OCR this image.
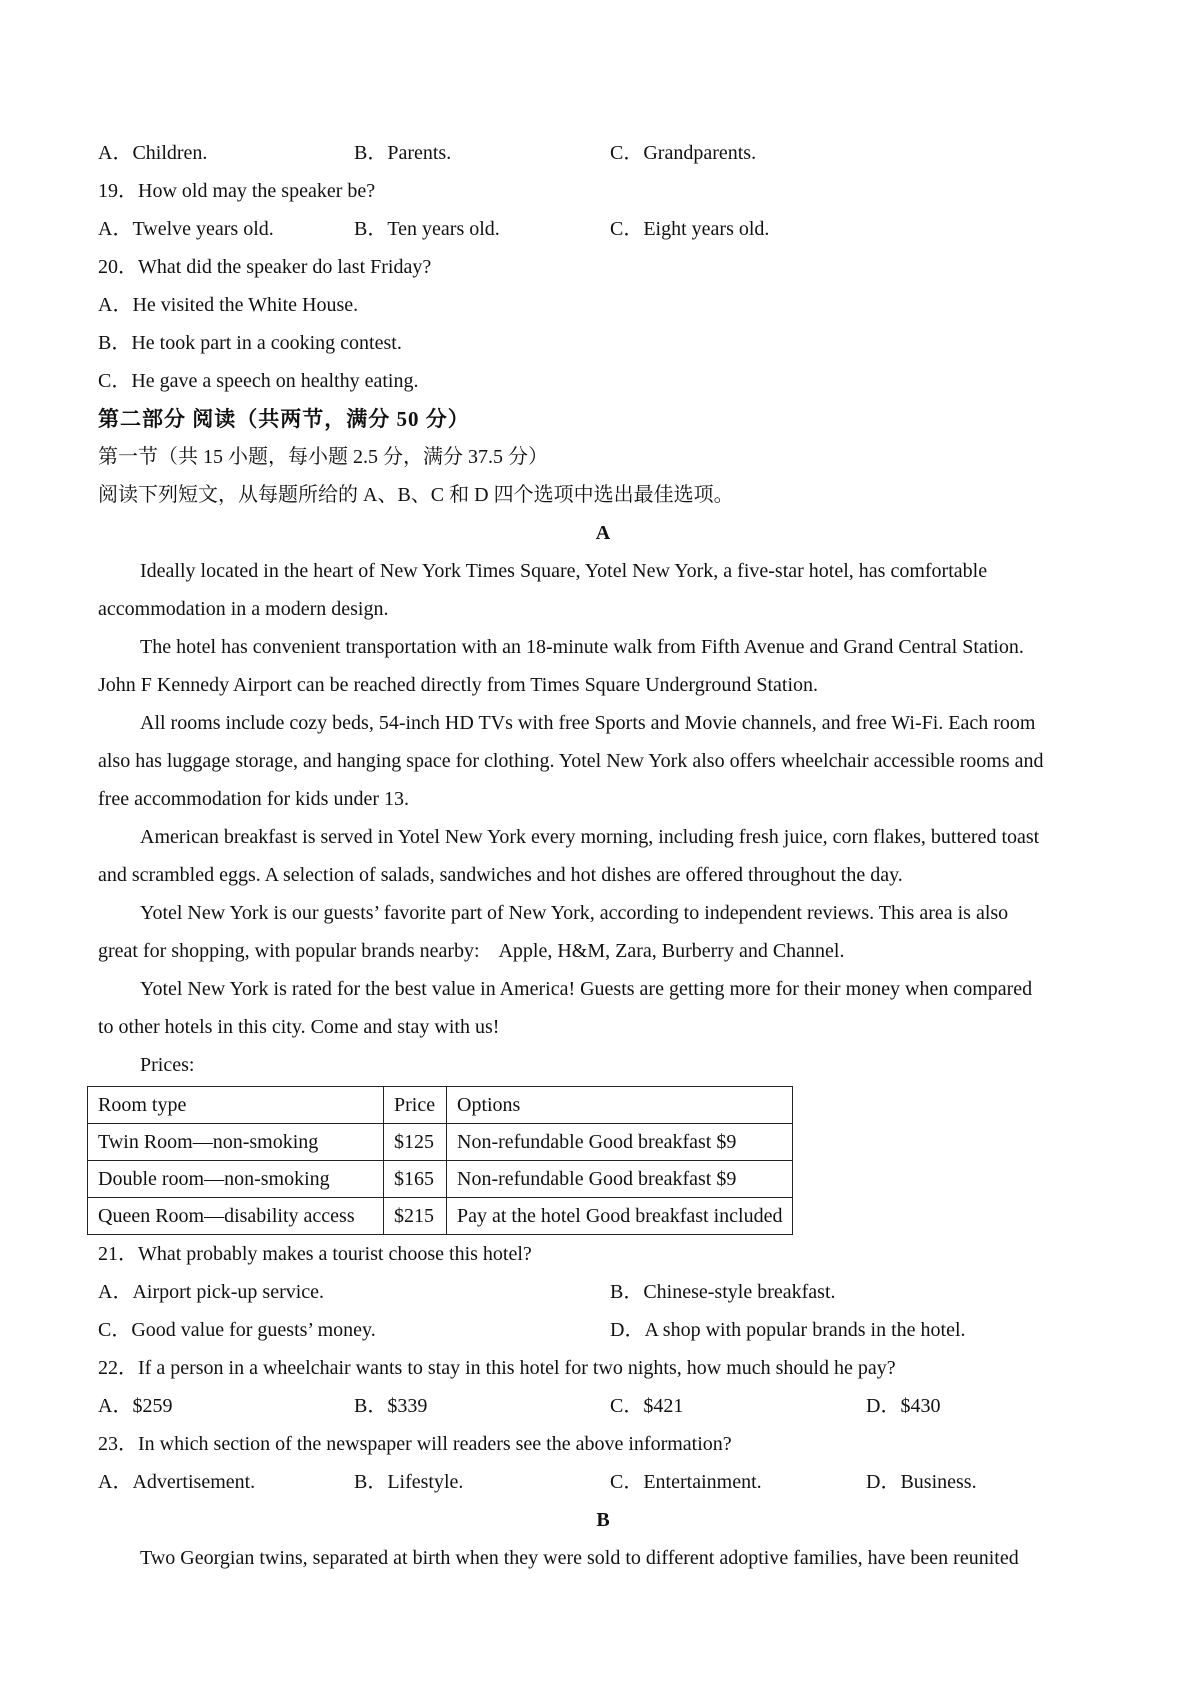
A．Children.	B．Parents.	C．Grandparents.
19．How old may the speaker be?
A．Twelve years old.	B．Ten years old.	C．Eight years old.
20．What did the speaker do last Friday?
A．He visited the White House.
B．He took part in a cooking contest.
C．He gave a speech on healthy eating.
第二部分 阅读（共两节，满分 50 分）
第一节（共 15 小题，每小题 2.5 分，满分 37.5 分）
阅读下列短文，从每题所给的 A、B、C 和 D 四个选项中选出最佳选项。
A
Ideally located in the heart of New York Times Square, Yotel New York, a five-star hotel, has comfortable
accommodation in a modern design.
The hotel has convenient transportation with an 18-minute walk from Fifth Avenue and Grand Central Station.
John F Kennedy Airport can be reached directly from Times Square Underground Station.
All rooms include cozy beds, 54-inch HD TVs with free Sports and Movie channels, and free Wi-Fi. Each room
also has luggage storage, and hanging space for clothing. Yotel New York also offers wheelchair accessible rooms and
free accommodation for kids under 13.
American breakfast is served in Yotel New York every morning, including fresh juice, corn flakes, buttered toast
and scrambled eggs. A selection of salads, sandwiches and hot dishes are offered throughout the day.
Yotel New York is our guests’ favorite part of New York, according to independent reviews. This area is also
great for shopping, with popular brands nearby:    Apple, H&M, Zara, Burberry and Channel.
Yotel New York is rated for the best value in America! Guests are getting more for their money when compared
to other hotels in this city. Come and stay with us!
Prices:
Room type	Price	Options
Twin Room—non-smoking	$125	Non-refundable Good breakfast $9
Double room—non-smoking	$165	Non-refundable Good breakfast $9
Queen Room—disability access	$215	Pay at the hotel Good breakfast included
21．What probably makes a tourist choose this hotel?
A．Airport pick-up service.	B．Chinese-style breakfast.
C．Good value for guests’ money.	D．A shop with popular brands in the hotel.
22．If a person in a wheelchair wants to stay in this hotel for two nights, how much should he pay?
A．$259	B．$339	C．$421	D．$430
23．In which section of the newspaper will readers see the above information?
A．Advertisement.	B．Lifestyle.	C．Entertainment.	D．Business.
B
Two Georgian twins, separated at birth when they were sold to different adoptive families, have been reunited
